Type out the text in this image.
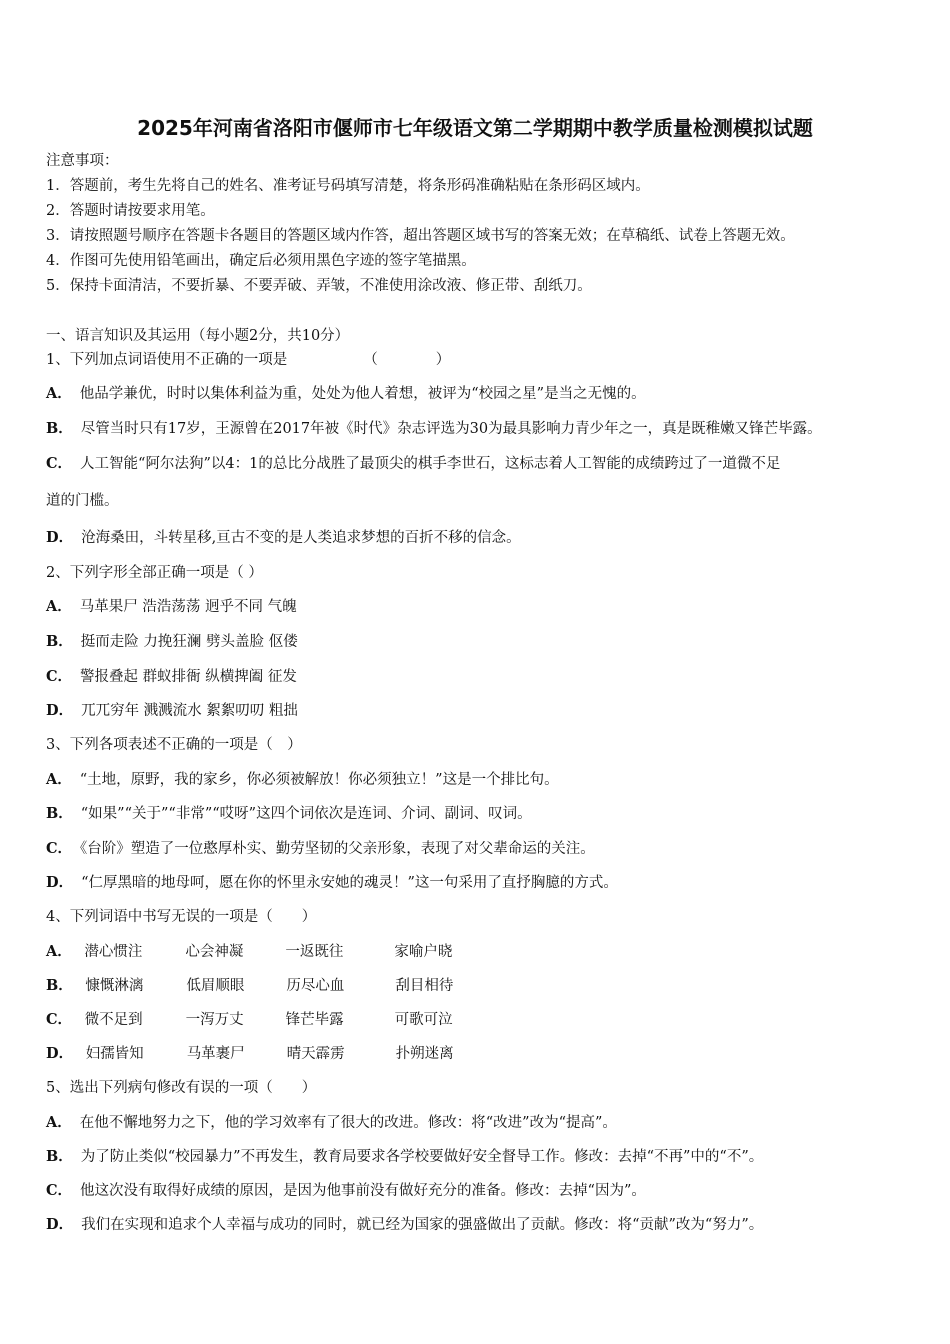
2025年河南省洛阳市偃师市七年级语文第二学期期中教学质量检测模拟试题
注意事项：
1．答题前，考生先将自己的姓名、准考证号码填写清楚，将条形码准确粘贴在条形码区域内。
2．答题时请按要求用笔。
3．请按照题号顺序在答题卡各题目的答题区域内作答，超出答题区域书写的答案无效；在草稿纸、试卷上答题无效。
4．作图可先使用铅笔画出，确定后必须用黑色字迹的签字笔描黑。
5．保持卡面清洁，不要折暴、不要弄破、弄皱，不准使用涂改液、修正带、刮纸刀。
一、语言知识及其运用（每小题2分，共10分）
1、下列加点词语使用不正确的一项是	（　　　　）
A． 他品学兼优，时时以集体利益为重，处处为他人着想，被评为“校园之星”是当之无愧的。
B． 尽管当时只有17岁，王源曾在2017年被《时代》杂志评选为30为最具影响力青少年之一，真是既稚嫩又锋芒毕露。
C． 人工智能“阿尔法狗”以4：1的总比分战胜了最顶尖的棋手李世石，这标志着人工智能的成绩跨过了一道微不足
道的门槛。
D． 沧海桑田，斗转星移,亘古不变的是人类追求梦想的百折不移的信念。
2、下列字形全部正确一项是（ ）
A． 马革果尸 浩浩荡荡 迥乎不同 气魄
B． 挺而走险 力挽狂澜 劈头盖脸 伛偻
C． 警报叠起 群蚁排衙 纵横捭阖 征发
D． 兀兀穷年 溅溅流水 絮絮叨叨 粗拙
3、下列各项表述不正确的一项是（　）
A． “土地，原野，我的家乡，你必须被解放！你必须独立！”这是一个排比句。
B． “如果”“关于”“非常”“哎呀”这四个词依次是连词、介词、副词、叹词。
C． 《台阶》塑造了一位憨厚朴实、勤劳坚韧的父亲形象，表现了对父辈命运的关注。
D． “仁厚黑暗的地母呵，愿在你的怀里永安她的魂灵！”这一句采用了直抒胸臆的方式。
4、下列词语中书写无误的一项是（　　）
A． 潜心惯注	心会神凝	一返既往	家喻户晓
B． 慷慨淋漓	低眉顺眼	历尽心血	刮目相待
C． 微不足到	一泻万丈	锋芒毕露	可歌可泣
D． 妇孺皆知	马革裹尸	晴天霹雳	扑朔迷离
5、选出下列病句修改有误的一项（　　）
A． 在他不懈地努力之下，他的学习效率有了很大的改进。修改：将“改进”改为“提高”。
B． 为了防止类似“校园暴力”不再发生，教育局要求各学校要做好安全督导工作。修改：去掉“不再”中的“不”。
C． 他这次没有取得好成绩的原因，是因为他事前没有做好充分的准备。修改：去掉“因为”。
D． 我们在实现和追求个人幸福与成功的同时，就已经为国家的强盛做出了贡献。修改：将“贡献”改为“努力”。
